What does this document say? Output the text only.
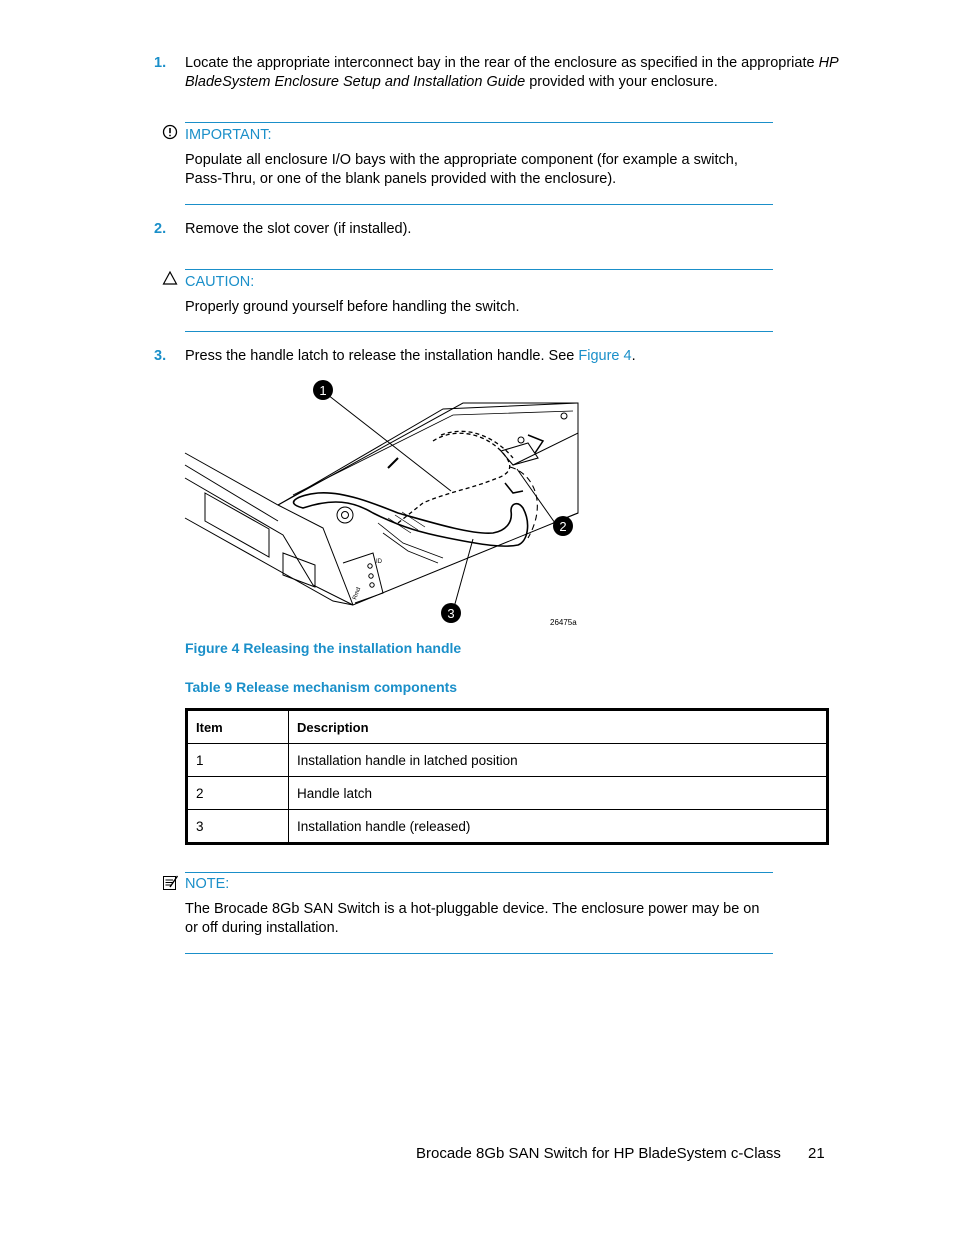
1. Locate the appropriate interconnect bay in the rear of the enclosure as specified in the appropriate HP BladeSystem Enclosure Setup and Installation Guide provided with your enclosure.
IMPORTANT:
Populate all enclosure I/O bays with the appropriate component (for example a switch,
Pass-Thru, or one of the blank panels provided with the enclosure).
2. Remove the slot cover (if installed).
CAUTION:
Properly ground yourself before handling the switch.
3. Press the handle latch to release the installation handle. See Figure 4.
1
2
3
Rmd
ID
26475a
Figure 4 Releasing the installation handle
Table 9 Release mechanism components
Item	Description
1	Installation handle in latched position
2	Handle latch
3	Installation handle (released)
NOTE:
The Brocade 8Gb SAN Switch is a hot-pluggable device. The enclosure power may be on
or off during installation.
Brocade 8Gb SAN Switch for HP BladeSystem c-Class 21
